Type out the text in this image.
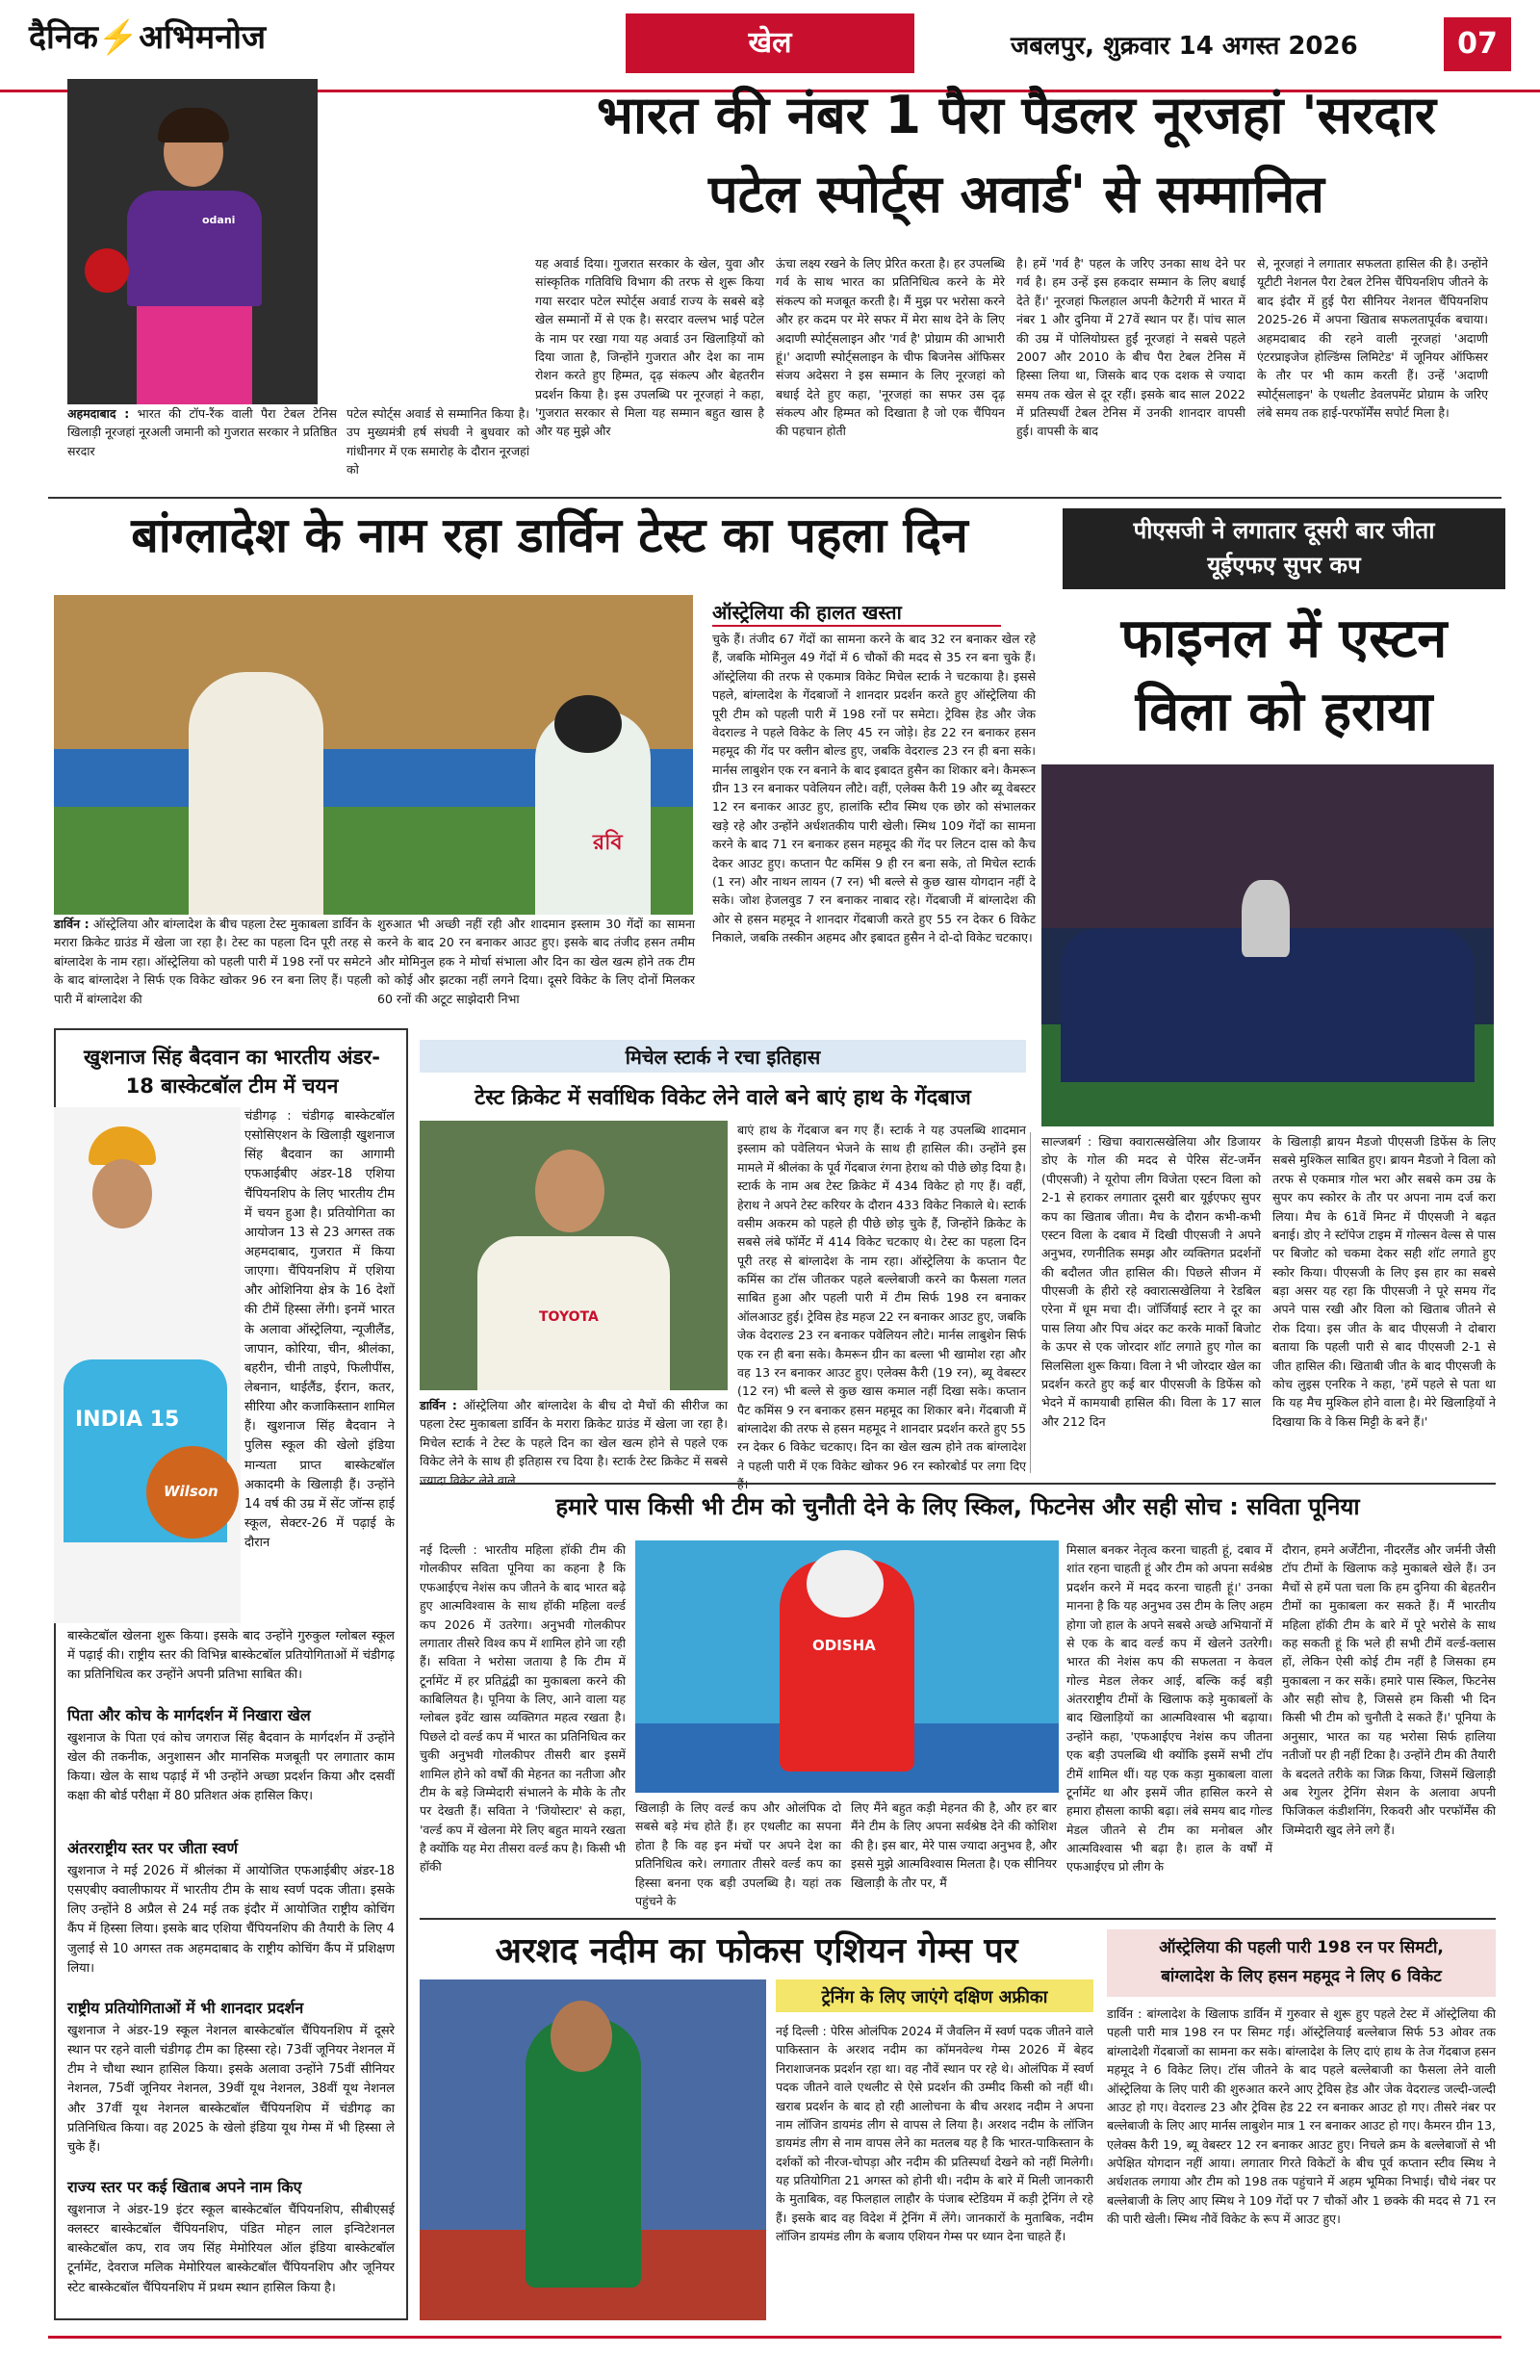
दैनिक⚡अभिमनोज	खेल	जबलपुर, शुक्रवार 14 अगस्त 2026	07
odani
अहमदाबाद : भारत की टॉप-रैंक वाली पैरा टेबल टेनिस खिलाड़ी नूरजहां नूरअली जमानी को गुजरात सरकार ने प्रतिष्ठित सरदार
पटेल स्पोर्ट्स अवार्ड से सम्मानित किया है। उप मुख्यमंत्री हर्ष संघवी ने बुधवार को गांधीनगर में एक समारोह के दौरान नूरजहां को
भारत की नंबर 1 पैरा पैडलर नूरजहां 'सरदार
पटेल स्पोर्ट्स अवार्ड' से सम्मानित
यह अवार्ड दिया। गुजरात सरकार के खेल, युवा और सांस्कृतिक गतिविधि विभाग की तरफ से शुरू किया गया सरदार पटेल स्पोर्ट्स अवार्ड राज्य के सबसे बड़े खेल सम्मानों में से एक है। सरदार वल्लभ भाई पटेल के नाम पर रखा गया यह अवार्ड उन खिलाड़ियों को दिया जाता है, जिन्होंने गुजरात और देश का नाम रोशन करते हुए हिम्मत, दृढ़ संकल्प और बेहतरीन प्रदर्शन किया है। इस उपलब्धि पर नूरजहां ने कहा, 'गुजरात सरकार से मिला यह सम्मान बहुत खास है और यह मुझे और
ऊंचा लक्ष्य रखने के लिए प्रेरित करता है। हर उपलब्धि गर्व के साथ भारत का प्रतिनिधित्व करने के मेरे संकल्प को मजबूत करती है। मैं मुझ पर भरोसा करने और हर कदम पर मेरे सफर में मेरा साथ देने के लिए अदाणी स्पोर्ट्सलाइन और 'गर्व है' प्रोग्राम की आभारी हूं।' अदाणी स्पोर्ट्सलाइन के चीफ बिजनेस ऑफिसर संजय अदेसरा ने इस सम्मान के लिए नूरजहां को बधाई देते हुए कहा, 'नूरजहां का सफर उस दृढ़ संकल्प और हिम्मत को दिखाता है जो एक चैंपियन की पहचान होती
है। हमें 'गर्व है' पहल के जरिए उनका साथ देने पर गर्व है। हम उन्हें इस हकदार सम्मान के लिए बधाई देते हैं।' नूरजहां फिलहाल अपनी कैटेगरी में भारत में नंबर 1 और दुनिया में 27वें स्थान पर हैं। पांच साल की उम्र में पोलियोग्रस्त हुईं नूरजहां ने सबसे पहले 2007 और 2010 के बीच पैरा टेबल टेनिस में हिस्सा लिया था, जिसके बाद एक दशक से ज्यादा समय तक खेल से दूर रहीं। इसके बाद साल 2022 में प्रतिस्पर्धी टेबल टेनिस में उनकी शानदार वापसी हुई। वापसी के बाद
से, नूरजहां ने लगातार सफलता हासिल की है। उन्होंने यूटीटी नेशनल पैरा टेबल टेनिस चैंपियनशिप जीतने के बाद इंदौर में हुई पैरा सीनियर नेशनल चैंपियनशिप 2025-26 में अपना खिताब सफलतापूर्वक बचाया। अहमदाबाद की रहने वाली नूरजहां 'अदाणी एंटरप्राइजेज होल्डिंग्स लिमिटेड' में जूनियर ऑफिसर के तौर पर भी काम करती हैं। उन्हें 'अदाणी स्पोर्ट्सलाइन' के एथलीट डेवलपमेंट प्रोग्राम के जरिए लंबे समय तक हाई-परफॉर्मेंस सपोर्ट मिला है।
बांग्लादेश के नाम रहा डार्विन टेस्ट का पहला दिन
ऑस्ट्रेलिया की हालत खस्ता
রবি
डार्विन : ऑस्ट्रेलिया और बांग्लादेश के बीच पहला टेस्ट मुकाबला डार्विन के मरारा क्रिकेट ग्राउंड में खेला जा रहा है। टेस्ट का पहला दिन पूरी तरह से बांग्लादेश के नाम रहा। ऑस्ट्रेलिया को पहली पारी में 198 रनों पर समेटने के बाद बांग्लादेश ने सिर्फ एक विकेट खोकर 96 रन बना लिए हैं। पहली पारी में बांग्लादेश की
शुरुआत भी अच्छी नहीं रही और शादमान इस्लाम 30 गेंदों का सामना करने के बाद 20 रन बनाकर आउट हुए। इसके बाद तंजीद हसन तमीम और मोमिनुल हक ने मोर्चा संभाला और दिन का खेल खत्म होने तक टीम को कोई और झटका नहीं लगने दिया। दूसरे विकेट के लिए दोनों मिलकर 60 रनों की अटूट साझेदारी निभा
चुके हैं। तंजीद 67 गेंदों का सामना करने के बाद 32 रन बनाकर खेल रहे हैं, जबकि मोमिनुल 49 गेंदों में 6 चौकों की मदद से 35 रन बना चुके हैं। ऑस्ट्रेलिया की तरफ से एकमात्र विकेट मिचेल स्टार्क ने चटकाया है। इससे पहले, बांग्लादेश के गेंदबाजों ने शानदार प्रदर्शन करते हुए ऑस्ट्रेलिया की पूरी टीम को पहली पारी में 198 रनों पर समेटा। ट्रेविस हेड और जेक वेदराल्ड ने पहले विकेट के लिए 45 रन जोड़े। हेड 22 रन बनाकर हसन महमूद की गेंद पर क्लीन बोल्ड हुए, जबकि वेदराल्ड 23 रन ही बना सके। मार्नस लाबुशेन एक रन बनाने के बाद इबादत हुसैन का शिकार बने। कैमरून ग्रीन 13 रन बनाकर पवेलियन लौटे। वहीं, एलेक्स कैरी 19 और ब्यू वेबस्टर 12 रन बनाकर आउट हुए, हालांकि स्टीव स्मिथ एक छोर को संभालकर खड़े रहे और उन्होंने अर्धशतकीय पारी खेली। स्मिथ 109 गेंदों का सामना करने के बाद 71 रन बनाकर हसन महमूद की गेंद पर लिटन दास को कैच देकर आउट हुए। कप्तान पैट कमिंस 9 ही रन बना सके, तो मिचेल स्टार्क (1 रन) और नाथन लायन (7 रन) भी बल्ले से कुछ खास योगदान नहीं दे सके। जोश हेजलवुड 7 रन बनाकर नाबाद रहे। गेंदबाजी में बांग्लादेश की ओर से हसन महमूद ने शानदार गेंदबाजी करते हुए 55 रन देकर 6 विकेट निकाले, जबकि तस्कीन अहमद और इबादत हुसैन ने दो-दो विकेट चटकाए।
पीएसजी ने लगातार दूसरी बार जीता
यूईएफए सुपर कप
फाइनल में एस्टन
विला को हराया
साल्जबर्ग : खिचा क्वारात्सखेलिया और डिजायर डोए के गोल की मदद से पेरिस सेंट-जर्मेन (पीएसजी) ने यूरोपा लीग विजेता एस्टन विला को 2-1 से हराकर लगातार दूसरी बार यूईएफए सुपर कप का खिताब जीता। मैच के दौरान कभी-कभी एस्टन विला के दबाव में दिखी पीएसजी ने अपने अनुभव, रणनीतिक समझ और व्यक्तिगत प्रदर्शनों की बदौलत जीत हासिल की। पिछले सीजन में पीएसजी के हीरो रहे क्वारात्सखेलिया ने रेडबिल एरेना में धूम मचा दी। जॉर्जियाई स्टार ने दूर का पास लिया और पिच अंदर कट करके मार्को बिजोट के ऊपर से एक जोरदार शॉट लगाते हुए गोल का सिलसिला शुरू किया। विला ने भी जोरदार खेल का प्रदर्शन करते हुए कई बार पीएसजी के डिफेंस को भेदने में कामयाबी हासिल की। विला के 17 साल और 212 दिन
के खिलाड़ी ब्रायन मैडजो पीएसजी डिफेंस के लिए सबसे मुश्किल साबित हुए। ब्रायन मैडजो ने विला को तरफ से एकमात्र गोल भरा और सबसे कम उम्र के सुपर कप स्कोरर के तौर पर अपना नाम दर्ज करा लिया। मैच के 61वें मिनट में पीएसजी ने बढ़त बनाई। डोए ने स्टॉपेज टाइम में गोल्सन वेल्स से पास पर बिजोट को चकमा देकर सही शॉट लगाते हुए स्कोर किया। पीएसजी के लिए इस हार का सबसे बड़ा असर यह रहा कि पीएसजी ने पूरे समय गेंद अपने पास रखी और विला को खिताब जीतने से रोक दिया। इस जीत के बाद पीएसजी ने दोबारा बताया कि पहली पारी से बाद पीएसजी 2-1 से जीत हासिल की। खिताबी जीत के बाद पीएसजी के कोच लुइस एनरिक ने कहा, 'हमें पहले से पता था कि यह मैच मुश्किल होने वाला है। मेरे खिलाड़ियों ने दिखाया कि वे किस मिट्टी के बने हैं।'
खुशनाज सिंह बैदवान का भारतीय अंडर-
18 बास्केटबॉल टीम में चयन
INDIA 15
Wilson
चंडीगढ़ : चंडीगढ़ बास्केटबॉल एसोसिएशन के खिलाड़ी खुशनाज सिंह बैदवान का आगामी एफआईबीए अंडर-18 एशिया चैंपियनशिप के लिए भारतीय टीम में चयन हुआ है। प्रतियोगिता का आयोजन 13 से 23 अगस्त तक अहमदाबाद, गुजरात में किया जाएगा। चैंपियनशिप में एशिया और ओशिनिया क्षेत्र के 16 देशों की टीमें हिस्सा लेंगी। इनमें भारत के अलावा ऑस्ट्रेलिया, न्यूजीलैंड, जापान, कोरिया, चीन, श्रीलंका, बहरीन, चीनी ताइपे, फिलीपींस, लेबनान, थाईलैंड, ईरान, कतर, सीरिया और कजाकिस्तान शामिल हैं। खुशनाज सिंह बैदवान ने पुलिस स्कूल की खेलो इंडिया मान्यता प्राप्त बास्केटबॉल अकादमी के खिलाड़ी हैं। उन्होंने 14 वर्ष की उम्र में सेंट जॉन्स हाई स्कूल, सेक्टर-26 में पढ़ाई के दौरान
बास्केटबॉल खेलना शुरू किया। इसके बाद उन्होंने गुरुकुल ग्लोबल स्कूल में पढ़ाई की। राष्ट्रीय स्तर की विभिन्न बास्केटबॉल प्रतियोगिताओं में चंडीगढ़ का प्रतिनिधित्व कर उन्होंने अपनी प्रतिभा साबित की।
पिता और कोच के मार्गदर्शन में निखारा खेल
खुशनाज के पिता एवं कोच जगराज सिंह बैदवान के मार्गदर्शन में उन्होंने खेल की तकनीक, अनुशासन और मानसिक मजबूती पर लगातार काम किया। खेल के साथ पढ़ाई में भी उन्होंने अच्छा प्रदर्शन किया और दसवीं कक्षा की बोर्ड परीक्षा में 80 प्रतिशत अंक हासिल किए।
अंतरराष्ट्रीय स्तर पर जीता स्वर्ण
खुशनाज ने मई 2026 में श्रीलंका में आयोजित एफआईबीए अंडर-18 एसएबीए क्वालीफायर में भारतीय टीम के साथ स्वर्ण पदक जीता। इसके लिए उन्होंने 8 अप्रैल से 24 मई तक इंदौर में आयोजित राष्ट्रीय कोचिंग कैंप में हिस्सा लिया। इसके बाद एशिया चैंपियनशिप की तैयारी के लिए 4 जुलाई से 10 अगस्त तक अहमदाबाद के राष्ट्रीय कोचिंग कैंप में प्रशिक्षण लिया।
राष्ट्रीय प्रतियोगिताओं में भी शानदार प्रदर्शन
खुशनाज ने अंडर-19 स्कूल नेशनल बास्केटबॉल चैंपियनशिप में दूसरे स्थान पर रहने वाली चंडीगढ़ टीम का हिस्सा रहे। 73वीं जूनियर नेशनल में टीम ने चौथा स्थान हासिल किया। इसके अलावा उन्होंने 75वीं सीनियर नेशनल, 75वीं जूनियर नेशनल, 39वीं यूथ नेशनल, 38वीं यूथ नेशनल और 37वीं यूथ नेशनल बास्केटबॉल चैंपियनशिप में चंडीगढ़ का प्रतिनिधित्व किया। वह 2025 के खेलो इंडिया यूथ गेम्स में भी हिस्सा ले चुके हैं।
राज्य स्तर पर कई खिताब अपने नाम किए
खुशनाज ने अंडर-19 इंटर स्कूल बास्केटबॉल चैंपियनशिप, सीबीएसई क्लस्टर बास्केटबॉल चैंपियनशिप, पंडित मोहन लाल इन्विटेशनल बास्केटबॉल कप, राव जय सिंह मेमोरियल ऑल इंडिया बास्केटबॉल टूर्नामेंट, देवराज मलिक मेमोरियल बास्केटबॉल चैंपियनशिप और जूनियर स्टेट बास्केटबॉल चैंपियनशिप में प्रथम स्थान हासिल किया है।
मिचेल स्टार्क ने रचा इतिहास
टेस्ट क्रिकेट में सर्वाधिक विकेट लेने वाले बने बाएं हाथ के गेंदबाज
TOYOTA
डार्विन : ऑस्ट्रेलिया और बांग्लादेश के बीच दो मैचों की सीरीज का पहला टेस्ट मुकाबला डार्विन के मरारा क्रिकेट ग्राउंड में खेला जा रहा है। मिचेल स्टार्क ने टेस्ट के पहले दिन का खेल खत्म होने से पहले एक विकेट लेने के साथ ही इतिहास रच दिया है। स्टार्क टेस्ट क्रिकेट में सबसे ज्यादा विकेट लेने वाले
बाएं हाथ के गेंदबाज बन गए हैं। स्टार्क ने यह उपलब्धि शादमान इस्लाम को पवेलियन भेजने के साथ ही हासिल की। उन्होंने इस मामले में श्रीलंका के पूर्व गेंदबाज रंगना हेराथ को पीछे छोड़ दिया है। स्टार्क के नाम अब टेस्ट क्रिकेट में 434 विकेट हो गए हैं। वहीं, हेराथ ने अपने टेस्ट करियर के दौरान 433 विकेट निकाले थे। स्टार्क वसीम अकरम को पहले ही पीछे छोड़ चुके हैं, जिन्होंने क्रिकेट के सबसे लंबे फॉर्मेट में 414 विकेट चटकाए थे। टेस्ट का पहला दिन पूरी तरह से बांग्लादेश के नाम रहा। ऑस्ट्रेलिया के कप्तान पैट कमिंस का टॉस जीतकर पहले बल्लेबाजी करने का फैसला गलत साबित हुआ और पहली पारी में टीम सिर्फ 198 रन बनाकर ऑलआउट हुई। ट्रेविस हेड महज 22 रन बनाकर आउट हुए, जबकि जेक वेदराल्ड 23 रन बनाकर पवेलियन लौटे। मार्नस लाबुशेन सिर्फ एक रन ही बना सके। कैमरून ग्रीन का बल्ला भी खामोश रहा और वह 13 रन बनाकर आउट हुए। एलेक्स कैरी (19 रन), ब्यू वेबस्टर (12 रन) भी बल्ले से कुछ खास कमाल नहीं दिखा सके। कप्तान पैट कमिंस 9 रन बनाकर हसन महमूद का शिकार बने। गेंदबाजी में बांग्लादेश की तरफ से हसन महमूद ने शानदार प्रदर्शन करते हुए 55 रन देकर 6 विकेट चटकाए। दिन का खेल खत्म होने तक बांग्लादेश ने पहली पारी में एक विकेट खोकर 96 रन स्कोरबोर्ड पर लगा दिए हैं।
हमारे पास किसी भी टीम को चुनौती देने के लिए स्किल, फिटनेस और सही सोच : सविता पूनिया
नई दिल्ली : भारतीय महिला हॉकी टीम की गोलकीपर सविता पूनिया का कहना है कि एफआईएच नेशंस कप जीतने के बाद भारत बढ़े हुए आत्मविश्वास के साथ हॉकी महिला वर्ल्ड कप 2026 में उतरेगा। अनुभवी गोलकीपर लगातार तीसरे विश्व कप में शामिल होने जा रही हैं। सविता ने भरोसा जताया है कि टीम में टूर्नामेंट में हर प्रतिद्वंद्वी का मुकाबला करने की काबिलियत है। पूनिया के लिए, आने वाला यह ग्लोबल इवेंट खास व्यक्तिगत महत्व रखता है। पिछले दो वर्ल्ड कप में भारत का प्रतिनिधित्व कर चुकी अनुभवी गोलकीपर तीसरी बार इसमें शामिल होने को वर्षों की मेहनत का नतीजा और टीम के बड़े जिम्मेदारी संभालने के मौके के तौर पर देखती हैं। सविता ने 'जियोस्टार' से कहा, 'वर्ल्ड कप में खेलना मेरे लिए बहुत मायने रखता है क्योंकि यह मेरा तीसरा वर्ल्ड कप है। किसी भी हॉकी
ODISHA
खिलाड़ी के लिए वर्ल्ड कप और ओलंपिक दो सबसे बड़े मंच होते हैं। हर एथलीट का सपना होता है कि वह इन मंचों पर अपने देश का प्रतिनिधित्व करे। लगातार तीसरे वर्ल्ड कप का हिस्सा बनना एक बड़ी उपलब्धि है। यहां तक पहुंचने के
लिए मैंने बहुत कड़ी मेहनत की है, और हर बार मैंने टीम के लिए अपना सर्वश्रेष्ठ देने की कोशिश की है। इस बार, मेरे पास ज्यादा अनुभव है, और इससे मुझे आत्मविश्वास मिलता है। एक सीनियर खिलाड़ी के तौर पर, मैं
मिसाल बनकर नेतृत्व करना चाहती हूं, दबाव में शांत रहना चाहती हूं और टीम को अपना सर्वश्रेष्ठ प्रदर्शन करने में मदद करना चाहती हूं।' उनका मानना है कि यह अनुभव उस टीम के लिए अहम होगा जो हाल के अपने सबसे अच्छे अभियानों में से एक के बाद वर्ल्ड कप में खेलने उतरेगी। भारत की नेशंस कप की सफलता न केवल गोल्ड मेडल लेकर आई, बल्कि कई बड़ी अंतरराष्ट्रीय टीमों के खिलाफ कड़े मुकाबलों के बाद खिलाड़ियों का आत्मविश्वास भी बढ़ाया। उन्होंने कहा, 'एफआईएच नेशंस कप जीतना एक बड़ी उपलब्धि थी क्योंकि इसमें सभी टॉप टीमें शामिल थीं। यह एक कड़ा मुकाबला वाला टूर्नामेंट था और इसमें जीत हासिल करने से हमारा हौसला काफी बढ़ा। लंबे समय बाद गोल्ड मेडल जीतने से टीम का मनोबल और आत्मविश्वास भी बढ़ा है। हाल के वर्षों में एफआईएच प्रो लीग के
दौरान, हमने अर्जेंटीना, नीदरलैंड और जर्मनी जैसी टॉप टीमों के खिलाफ कड़े मुकाबले खेले हैं। उन मैचों से हमें पता चला कि हम दुनिया की बेहतरीन टीमों का मुकाबला कर सकते हैं। मैं भारतीय महिला हॉकी टीम के बारे में पूरे भरोसे के साथ कह सकती हूं कि भले ही सभी टीमें वर्ल्ड-क्लास हों, लेकिन ऐसी कोई टीम नहीं है जिसका हम मुकाबला न कर सकें। हमारे पास स्किल, फिटनेस और सही सोच है, जिससे हम किसी भी दिन किसी भी टीम को चुनौती दे सकते हैं।' पूनिया के अनुसार, भारत का यह भरोसा सिर्फ हालिया नतीजों पर ही नहीं टिका है। उन्होंने टीम की तैयारी के बदलते तरीके का जिक्र किया, जिसमें खिलाड़ी अब रेगुलर ट्रेनिंग सेशन के अलावा अपनी फिजिकल कंडीशनिंग, रिकवरी और परफॉर्मेंस की जिम्मेदारी खुद लेने लगे हैं।
अरशद नदीम का फोकस एशियन गेम्स पर
ट्रेनिंग के लिए जाएंगे दक्षिण अफ्रीका
नई दिल्ली : पेरिस ओलंपिक 2024 में जैवलिन में स्वर्ण पदक जीतने वाले पाकिस्तान के अरशद नदीम का कॉमनवेल्थ गेम्स 2026 में बेहद निराशाजनक प्रदर्शन रहा था। वह नौवें स्थान पर रहे थे। ओलंपिक में स्वर्ण पदक जीतने वाले एथलीट से ऐसे प्रदर्शन की उम्मीद किसी को नहीं थी। खराब प्रदर्शन के बाद हो रही आलोचना के बीच अरशद नदीम ने अपना नाम लॉजिन डायमंड लीग से वापस ले लिया है। अरशद नदीम के लॉजिन डायमंड लीग से नाम वापस लेने का मतलब यह है कि भारत-पाकिस्तान के दर्शकों को नीरज-चोपड़ा और नदीम की प्रतिस्पर्धा देखने को नहीं मिलेगी। यह प्रतियोगिता 21 अगस्त को होनी थी। नदीम के बारे में मिली जानकारी के मुताबिक, वह फिलहाल लाहौर के पंजाब स्टेडियम में कड़ी ट्रेनिंग ले रहे हैं। इसके बाद वह विदेश में ट्रेनिंग में लेंगे। जानकारों के मुताबिक, नदीम लॉजिन डायमंड लीग के बजाय एशियन गेम्स पर ध्यान देना चाहते हैं।
ऑस्ट्रेलिया की पहली पारी 198 रन पर सिमटी,
बांग्लादेश के लिए हसन महमूद ने लिए 6 विकेट
डार्विन : बांग्लादेश के खिलाफ डार्विन में गुरुवार से शुरू हुए पहले टेस्ट में ऑस्ट्रेलिया की पहली पारी मात्र 198 रन पर सिमट गई। ऑस्ट्रेलियाई बल्लेबाज सिर्फ 53 ओवर तक बांग्लादेशी गेंदबाजों का सामना कर सके। बांग्लादेश के लिए दाएं हाथ के तेज गेंदबाज हसन महमूद ने 6 विकेट लिए। टॉस जीतने के बाद पहले बल्लेबाजी का फैसला लेने वाली ऑस्ट्रेलिया के लिए पारी की शुरुआत करने आए ट्रेविस हेड और जेक वेदराल्ड जल्दी-जल्दी आउट हो गए। वेदराल्ड 23 और ट्रेविस हेड 22 रन बनाकर आउट हो गए। तीसरे नंबर पर बल्लेबाजी के लिए आए मार्नस लाबुशेन मात्र 1 रन बनाकर आउट हो गए। कैमरन ग्रीन 13, एलेक्स कैरी 19, ब्यू वेबस्टर 12 रन बनाकर आउट हुए। निचले क्रम के बल्लेबाजों से भी अपेक्षित योगदान नहीं आया। लगातार गिरते विकेटों के बीच पूर्व कप्तान स्टीव स्मिथ ने अर्धशतक लगाया और टीम को 198 तक पहुंचाने में अहम भूमिका निभाई। चौथे नंबर पर बल्लेबाजी के लिए आए स्मिथ ने 109 गेंदों पर 7 चौकों और 1 छक्के की मदद से 71 रन की पारी खेली। स्मिथ नौवें विकेट के रूप में आउट हुए।
